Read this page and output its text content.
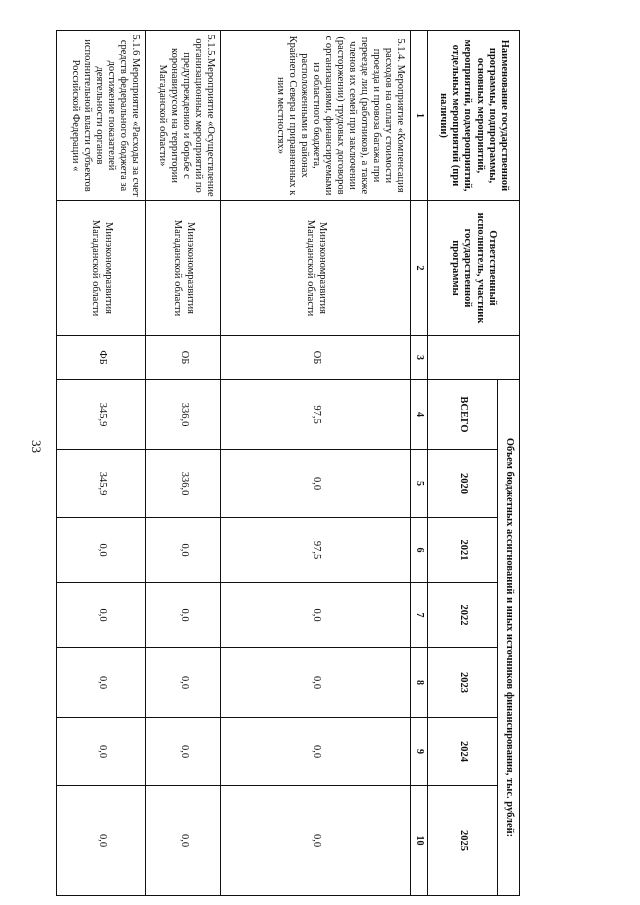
33
Наименование государственной программы, подпрограммы, основных мероприятий, мероприятий, подмероприятий, отдельных мероприятий (при наличии)	Ответственный исполнитель, участник государственной программы		Объем бюджетных ассигнований и иных источников финансирования, тыс. рублей:						
			ВСЕГО	2020	2021	2022	2023	2024	2025
1	2	3	4	5	6	7	8	9	10
5.1.4. Мероприятие «Компенсация расходов на оплату стоимости проезда и провоза багажа при переезде лиц (работников), а также членов их семей при заключении (расторжении) трудовых договоров с организациями, финансируемыми из областного бюджета, расположенными в районах Крайнего Севера и приравненных к ним местностях»	Минэкономразвития Магаданской области	ОБ	97,5	0,0	97,5	0,0	0,0	0,0	0,0
5.1.5.Мероприятие «Осуществление организационных мероприятий по предупреждению и борьбе с коронавирусом на территории Магаданской области»	Минэкономразвития Магаданской области	ОБ	336,0	336,0	0,0	0,0	0,0	0,0	0,0
5.1.6 Мероприятие «Расходы за счет средств федерального бюджета за достижение показателей деятельности органов исполнительной власти субъектов Российской Федерации «	Минэкономразвития Магаданской области	ФБ	345,9	345,9	0,0	0,0	0,0	0,0	0,0
